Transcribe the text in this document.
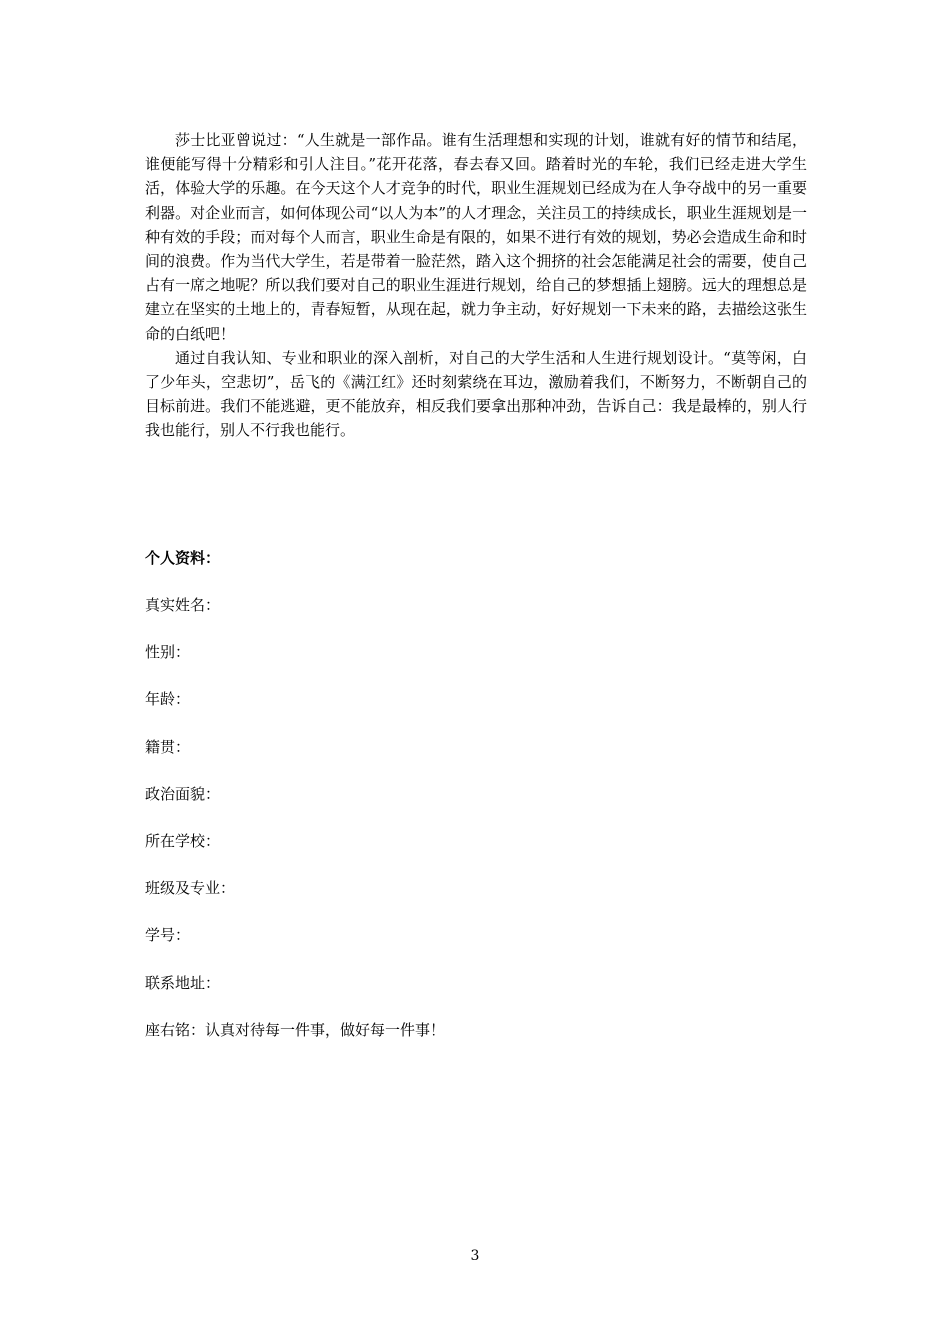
莎士比亚曾说过：“人生就是一部作品。谁有生活理想和实现的计划，谁就有好的情节和结尾，谁便能写得十分精彩和引人注目。”花开花落，春去春又回。踏着时光的车轮，我们已经走进大学生活，体验大学的乐趣。在今天这个人才竞争的时代，职业生涯规划已经成为在人争夺战中的另一重要利器。对企业而言，如何体现公司“以人为本”的人才理念，关注员工的持续成长，职业生涯规划是一种有效的手段；而对每个人而言，职业生命是有限的，如果不进行有效的规划，势必会造成生命和时间的浪费。作为当代大学生，若是带着一脸茫然，踏入这个拥挤的社会怎能满足社会的需要，使自己占有一席之地呢？所以我们要对自己的职业生涯进行规划，给自己的梦想插上翅膀。远大的理想总是建立在坚实的土地上的，青春短暂，从现在起，就力争主动，好好规划一下未来的路，去描绘这张生命的白纸吧！

通过自我认知、专业和职业的深入剖析，对自己的大学生活和人生进行规划设计。“莫等闲，白了少年头，空悲切”，岳飞的《满江红》还时刻萦绕在耳边，激励着我们，不断努力，不断朝自己的目标前进。我们不能逃避，更不能放弃，相反我们要拿出那种冲劲，告诉自己：我是最棒的，别人行我也能行，别人不行我也能行。

个人资料：
真实姓名：
性别：
年龄：
籍贯：
政治面貌：
所在学校：
班级及专业：
学号：
联系地址：
座右铭：认真对待每一件事，做好每一件事！
3
